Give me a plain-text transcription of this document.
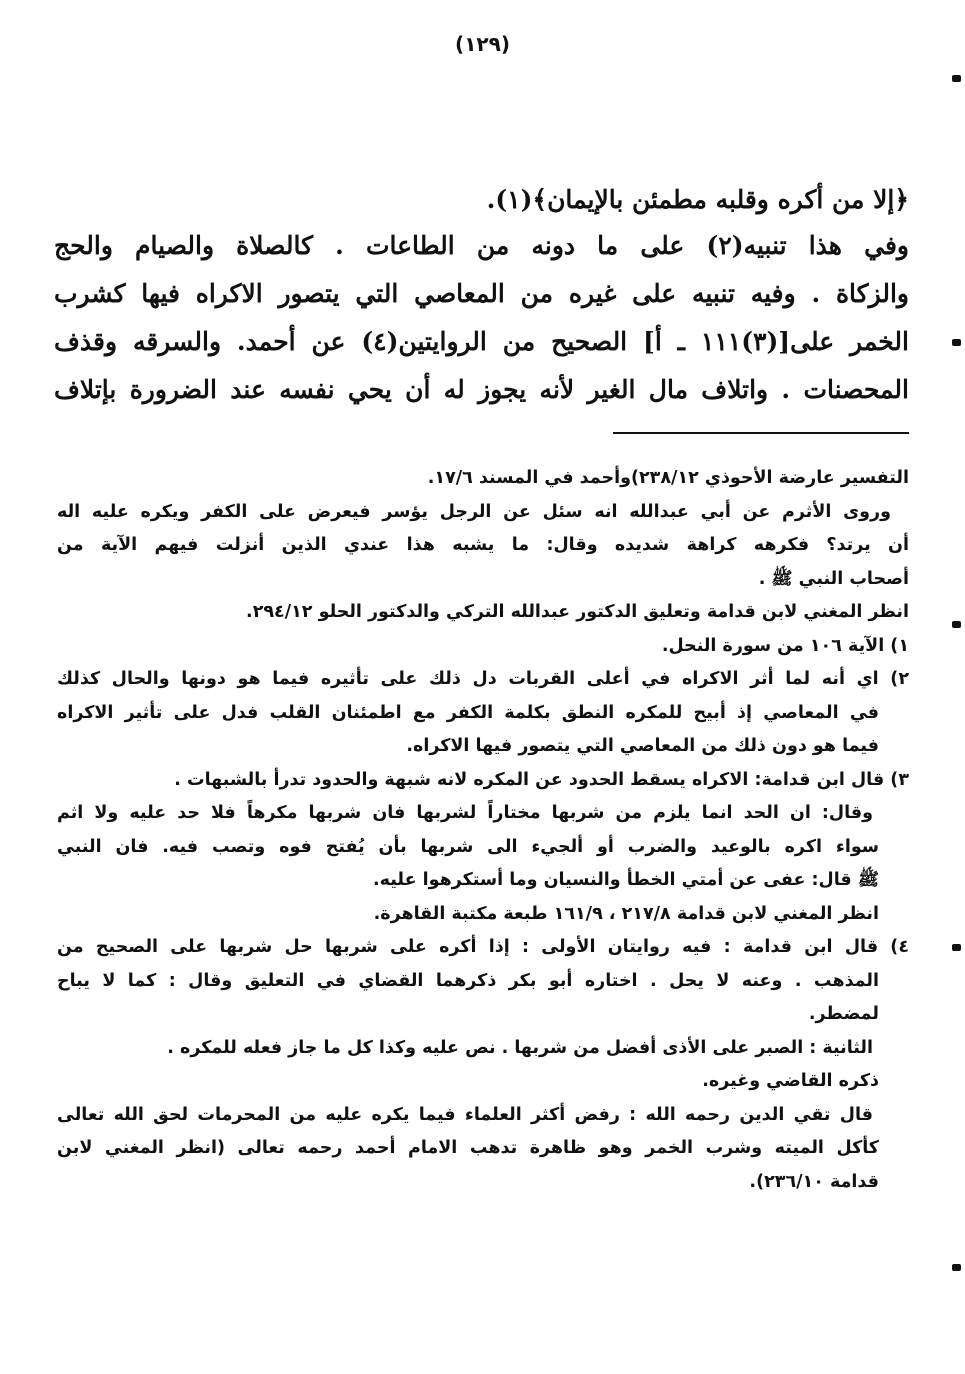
(١٢٩)
﴿إلا من أكره وقلبه مطمئن بالإيمان﴾(١).
وفي هذا تنبيه(٢) على ما دونه من الطاعات . كالصلاة والصيام والحج
والزكاة . وفيه تنبيه على غيره من المعاصي التي يتصور الاكراه فيها كشرب
الخمر على[(٣)١١١ ـ أ] الصحيح من الروايتين(٤) عن أحمد. والسرقه وقذف
المحصنات . واتلاف مال الغير لأنه يجوز له أن يحي نفسه عند الضرورة بإتلاف
التفسير عارضة الأحوذي ٢٣٨/١٢)وأحمد في المسند ١٧/٦.
وروى الأثرم عن أبي عبدالله انه سئل عن الرجل يؤسر فيعرض على الكفر ويكره عليه اله
أن يرتد؟ فكرهه كراهة شديده وقال: ما يشبه هذا عندي الذين أنزلت فيهم الآية من
أصحاب النبي ﷺ .
انظر المغني لابن قدامة وتعليق الدكتور عبدالله التركي والدكتور الحلو ٢٩٤/١٢.
١) الآية ١٠٦ من سورة النحل.
٢) اي أنه لما أثر الاكراه في أعلى القربات دل ذلك على تأثيره فيما هو دونها والحال كذلك
في المعاصي إذ أبيح للمكره النطق بكلمة الكفر مع اطمئنان القلب فدل على تأثير الاكراه
فيما هو دون ذلك من المعاصي التي يتصور فيها الاكراه.
٣) قال ابن قدامة: الاكراه يسقط الحدود عن المكره لانه شبهة والحدود تدرأ بالشبهات .
وقال: ان الحد انما يلزم من شربها مختاراً لشربها فان شربها مكرهاً فلا حد عليه ولا اثم
سواء اكره بالوعيد والضرب أو ألجيء الى شربها بأن يُفتح فوه وتصب فيه. فان النبي
ﷺ قال: عفى عن أمتي الخطأ والنسيان وما أستكرهوا عليه.
انظر المغني لابن قدامة ٢١٧/٨ ، ١٦١/٩ طبعة مكتبة القاهرة.
٤) قال ابن قدامة : فيه روايتان الأولى : إذا أكره على شربها حل شربها على الصحيح من
المذهب . وعنه لا يحل . اختاره أبو بكر ذكرهما القضاي في التعليق وقال : كما لا يباح
لمضطر.
الثانية : الصبر على الأذى أفضل من شربها . نص عليه وكذا كل ما جاز فعله للمكره .
ذكره القاضي وغيره.
قال تقي الدين رحمه الله : رفض أكثر العلماء فيما يكره عليه من المحرمات لحق الله تعالى
كأكل الميته وشرب الخمر وهو ظاهرة تدهب الامام أحمد رحمه تعالى (انظر المغني لابن
قدامة ٢٣٦/١٠).
